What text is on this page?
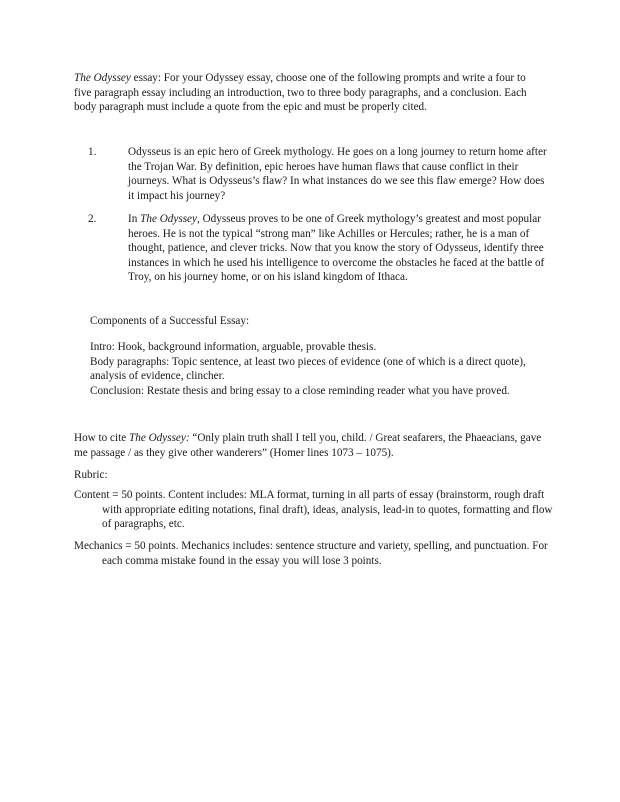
The Odyssey essay: For your Odyssey essay, choose one of the following prompts and write a four to five paragraph essay including an introduction, two to three body paragraphs, and a conclusion. Each body paragraph must include a quote from the epic and must be properly cited.

1.	Odysseus is an epic hero of Greek mythology. He goes on a long journey to return home after the Trojan War. By definition, epic heroes have human flaws that cause conflict in their journeys. What is Odysseus’s flaw? In what instances do we see this flaw emerge? How does it impact his journey?

2.	In The Odyssey, Odysseus proves to be one of Greek mythology’s greatest and most popular heroes. He is not the typical “strong man” like Achilles or Hercules; rather, he is a man of thought, patience, and clever tricks. Now that you know the story of Odysseus, identify three instances in which he used his intelligence to overcome the obstacles he faced at the battle of Troy, on his journey home, or on his island kingdom of Ithaca.

Components of a Successful Essay:

Intro: Hook, background information, arguable, provable thesis.

Body paragraphs: Topic sentence, at least two pieces of evidence (one of which is a direct quote), analysis of evidence, clincher.

Conclusion: Restate thesis and bring essay to a close reminding reader what you have proved.

How to cite The Odyssey: “Only plain truth shall I tell you, child. / Great seafarers, the Phaeacians, gave me passage / as they give other wanderers” (Homer lines 1073 – 1075).

Rubric:

Content = 50 points. Content includes: MLA format, turning in all parts of essay (brainstorm, rough draft with appropriate editing notations, final draft), ideas, analysis, lead-in to quotes, formatting and flow of paragraphs, etc.

Mechanics = 50 points. Mechanics includes: sentence structure and variety, spelling, and punctuation. For each comma mistake found in the essay you will lose 3 points.
